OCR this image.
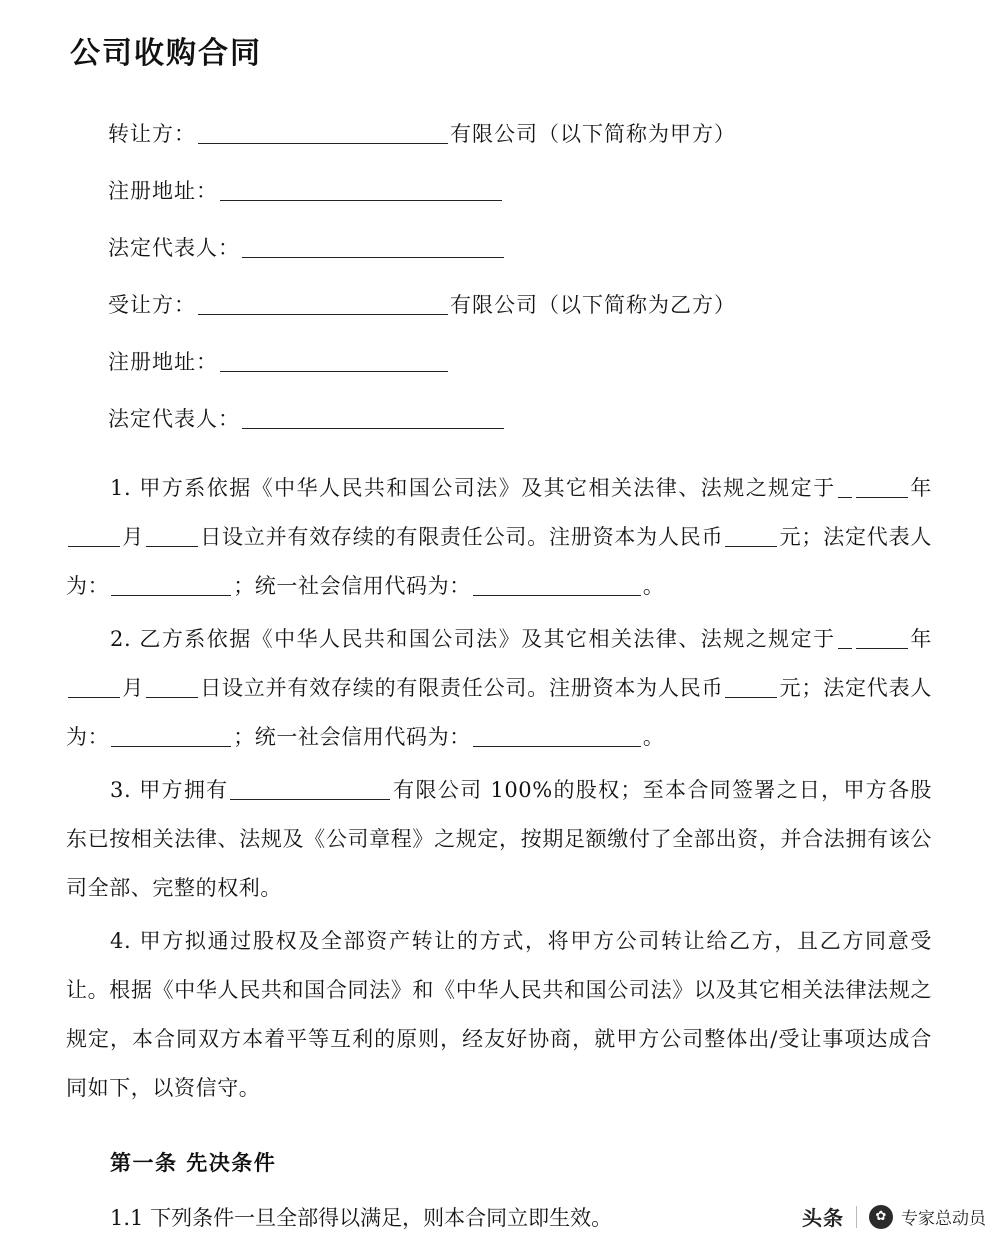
公司收购合同
转让方：	有限公司（以下简称为甲方）
注册地址：
法定代表人：
受让方：	有限公司（以下简称为乙方）
注册地址：
法定代表人：
1. 甲方系依据《中华人民共和国公司法》及其它相关法律、法规之规定于	年月	日设立并有效存续的有限责任公司。注册资本为人民币	元；法定代表人为：	；统一社会信用代码为：	。
2. 乙方系依据《中华人民共和国公司法》及其它相关法律、法规之规定于	年月	日设立并有效存续的有限责任公司。注册资本为人民币	元；法定代表人为：	；统一社会信用代码为：	。
3. 甲方拥有	有限公司 100%的股权；至本合同签署之日，甲方各股东已按相关法律、法规及《公司章程》之规定，按期足额缴付了全部出资，并合法拥有该公司全部、完整的权利。
4. 甲方拟通过股权及全部资产转让的方式，将甲方公司转让给乙方，且乙方同意受让。根据《中华人民共和国合同法》和《中华人民共和国公司法》以及其它相关法律法规之规定，本合同双方本着平等互利的原则，经友好协商，就甲方公司整体出/受让事项达成合同如下，以资信守。
第一条 先决条件
1.1 下列条件一旦全部得以满足，则本合同立即生效。	头条	✿ 专家总动员
